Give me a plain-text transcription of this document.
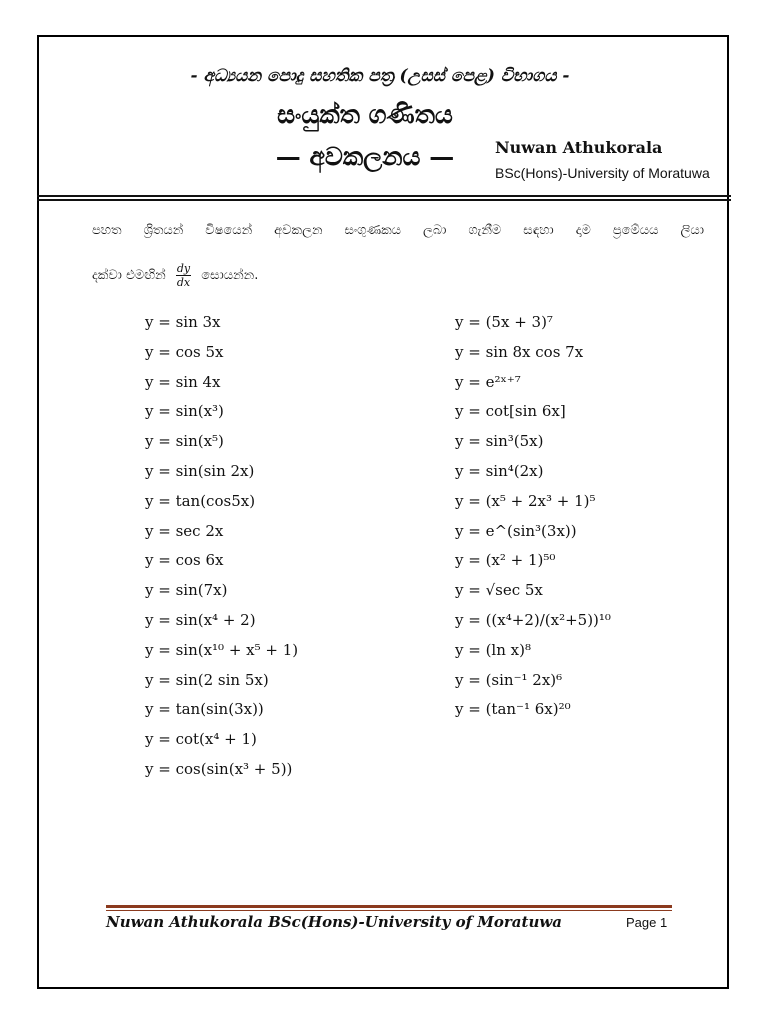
- අධ්‍යයන පොදු සහතික පත්‍ර (උසස් පෙළ) විභාගය -
සංයුක්ත ගණිතය
— අවකලනය —	Nuwan Athukorala
BSc(Hons)-University of Moratuwa
පහත ශ්‍රිතයන් විෂයෙන් අවකලන සංගුණකය ලබා ගැනීම සඳහා දාම ප්‍රමේයය ලියා
දක්වා එමඟින් $\frac{dy}{dx}$ සොයන්න.
y = sin 3x
y = cos 5x
y = sin 4x
y = sin(x³)
y = sin(x⁵)
y = sin(sin 2x)
y = tan(cos5x)
y = sec 2x
y = cos 6x
y = sin(7x)
y = sin(x⁴ + 2)
y = sin(x¹⁰ + x⁵ + 1)
y = sin(2 sin 5x)
y = tan(sin(3x))
y = cot(x⁴ + 1)
y = cos(sin(x³ + 5))
y = (5x + 3)⁷
y = sin 8x cos 7x
y = e²ˣ⁺⁷
y = cot[sin 6x]
y = sin³(5x)
y = sin⁴(2x)
y = (x⁵ + 2x³ + 1)⁵
y = e^(sin³(3x))
y = (x² + 1)⁵⁰
y = √sec 5x
y = ((x⁴+2)/(x²+5))¹⁰
y = (ln x)⁸
y = (sin⁻¹ 2x)⁶
y = (tan⁻¹ 6x)²⁰
Nuwan Athukorala BSc(Hons)-University of Moratuwa	Page 1
